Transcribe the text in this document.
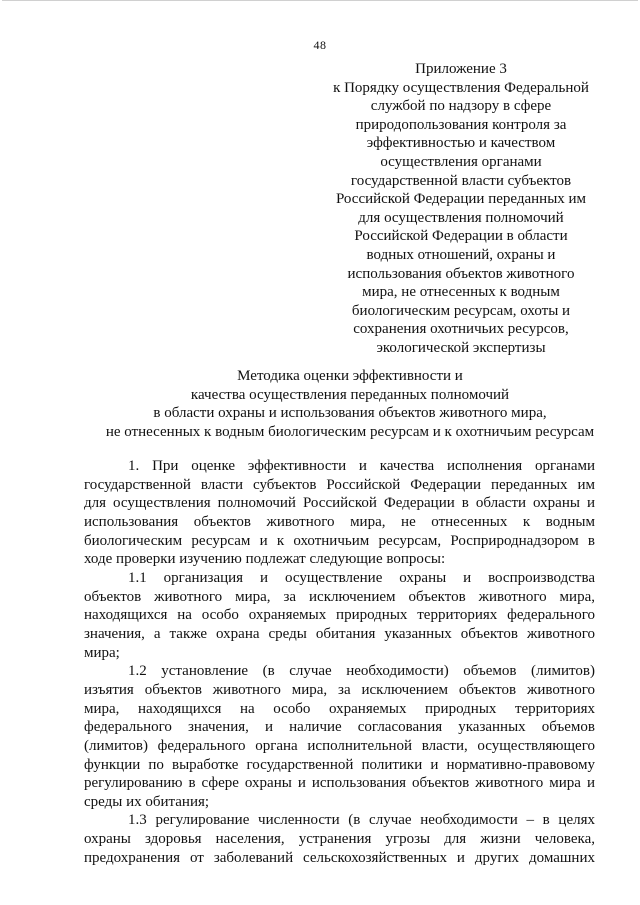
48
Приложение 3
к Порядку осуществления Федеральной
службой по надзору в сфере
природопользования контроля за
эффективностью и качеством
осуществления органами
государственной власти субъектов
Российской Федерации переданных им
для осуществления полномочий
Российской Федерации в области
водных отношений, охраны и
использования объектов животного
мира, не отнесенных к водным
биологическим ресурсам, охоты и
сохранения охотничьих ресурсов,
экологической экспертизы
Методика оценки эффективности и
качества осуществления переданных полномочий
в области охраны и использования объектов животного мира,
не отнесенных к водным биологическим ресурсам и к охотничьим ресурсам
1. При оценке эффективности и качества исполнения органами
государственной власти субъектов Российской Федерации переданных им
для осуществления полномочий Российской Федерации в области охраны и
использования объектов животного мира, не отнесенных к водным
биологическим ресурсам и к охотничьим ресурсам, Росприроднадзором в
ходе проверки изучению подлежат следующие вопросы:
1.1 организация и осуществление охраны и воспроизводства
объектов животного мира, за исключением объектов животного мира,
находящихся на особо охраняемых природных территориях федерального
значения, а также охрана среды обитания указанных объектов животного
мира;
1.2 установление (в случае необходимости) объемов (лимитов)
изъятия объектов животного мира, за исключением объектов животного
мира, находящихся на особо охраняемых природных территориях
федерального значения, и наличие согласования указанных объемов
(лимитов) федерального органа исполнительной власти, осуществляющего
функции по выработке государственной политики и нормативно-правовому
регулированию в сфере охраны и использования объектов животного мира и
среды их обитания;
1.3 регулирование численности (в случае необходимости – в целях
охраны здоровья населения, устранения угрозы для жизни человека,
предохранения от заболеваний сельскохозяйственных и других домашних
